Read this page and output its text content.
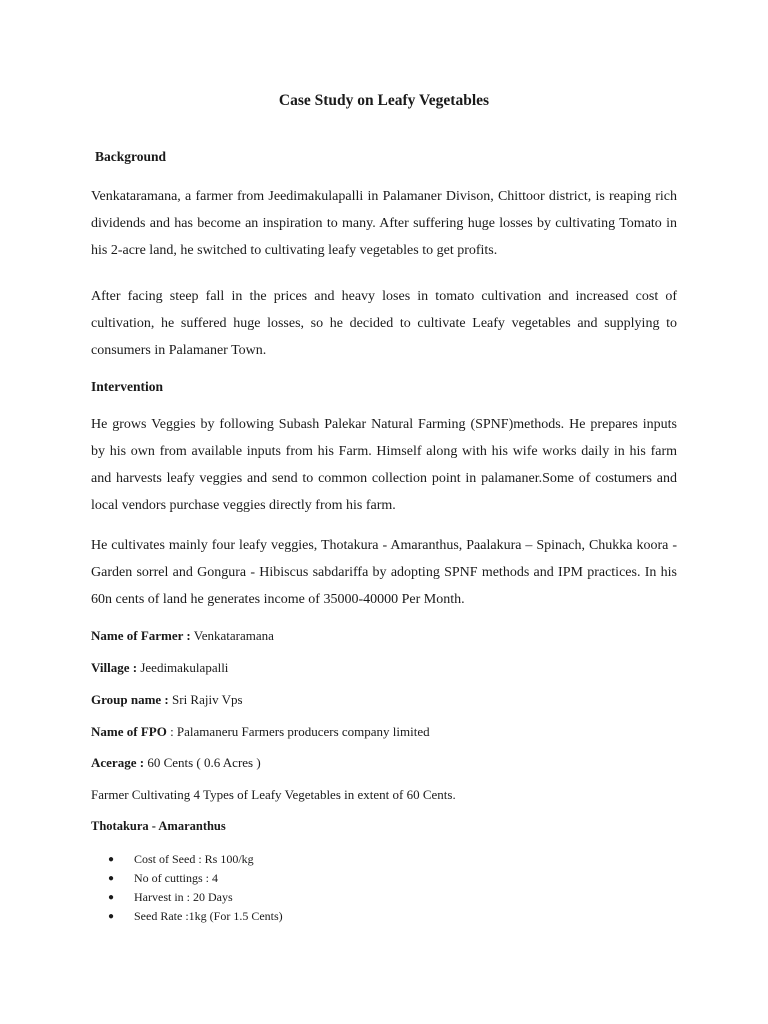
Case Study on Leafy Vegetables

Background

Venkataramana, a farmer from Jeedimakulapalli in Palamaner Divison, Chittoor district, is reaping rich dividends and has become an inspiration to many. After suffering huge losses by cultivating Tomato in his 2-acre land, he switched to cultivating leafy vegetables to get profits.

After facing steep fall in the prices and heavy loses in tomato cultivation and increased cost of cultivation, he suffered huge losses, so he decided to cultivate Leafy vegetables and supplying to consumers in Palamaner Town.

Intervention

He grows Veggies by following Subash Palekar Natural Farming (SPNF)methods. He prepares inputs by his own from available inputs from his Farm. Himself along with his wife works daily in his farm and harvests leafy veggies and send to common collection point in palamaner.Some of costumers and local vendors purchase veggies directly from his farm.

He cultivates mainly four leafy veggies, Thotakura - Amaranthus, Paalakura – Spinach, Chukka koora - Garden sorrel and Gongura - Hibiscus sabdariffa by adopting SPNF methods and IPM practices. In his 60n cents of land he generates income of 35000-40000 Per Month.

Name of Farmer : Venkataramana

Village : Jeedimakulapalli

Group name : Sri Rajiv Vps

Name of FPO : Palamaneru Farmers producers company limited

Acerage : 60 Cents ( 0.6 Acres )

Farmer Cultivating 4 Types of Leafy Vegetables in extent of 60 Cents.

Thotakura - Amaranthus

● Cost of Seed : Rs 100/kg
● No of cuttings : 4
● Harvest in : 20 Days
● Seed Rate :1kg (For 1.5 Cents)
